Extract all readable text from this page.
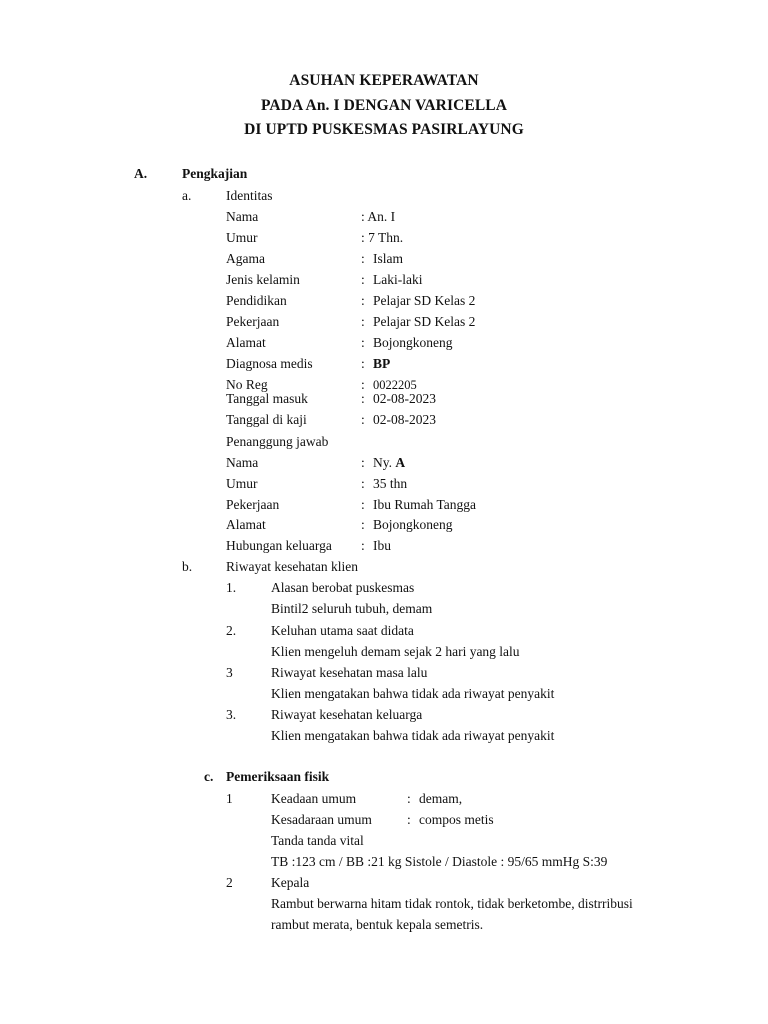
ASUHAN KEPERAWATAN
PADA An. I DENGAN VARICELLA
DI UPTD PUSKESMAS PASIRLAYUNG
A.	Pengkajian
a.	Identitas
Nama	: An. I
Umur	: 7 Thn.
Agama	: Islam
Jenis kelamin	: Laki-laki
Pendidikan	: Pelajar SD Kelas 2
Pekerjaan	: Pelajar SD Kelas 2
Alamat	: Bojongkoneng
Diagnosa medis	: BP
No Reg	: 0022205
Tanggal masuk	: 02-08-2023
Tanggal di kaji	: 02-08-2023
Penanggung jawab
Nama	: Ny. A
Umur	: 35 thn
Pekerjaan	: Ibu Rumah Tangga
Alamat	: Bojongkoneng
Hubungan keluarga : Ibu
b.	Riwayat kesehatan klien
1.	Alasan berobat puskesmas
Bintil2 seluruh tubuh, demam
2.	Keluhan utama saat didata
Klien mengeluh demam sejak 2 hari yang lalu
3	Riwayat kesehatan masa lalu
Klien mengatakan bahwa tidak ada riwayat penyakit
3.	Riwayat kesehatan keluarga
Klien mengatakan bahwa tidak ada riwayat penyakit
c. Pemeriksaan fisik
1	Keadaan umum	: demam,
Kesadaraan umum	: compos metis
Tanda tanda vital
TB :123 cm / BB :21 kg Sistole / Diastole : 95/65 mmHg S:39
2	Kepala
Rambut berwarna hitam tidak rontok, tidak berketombe, distrribusi
rambut merata, bentuk kepala semetris.
